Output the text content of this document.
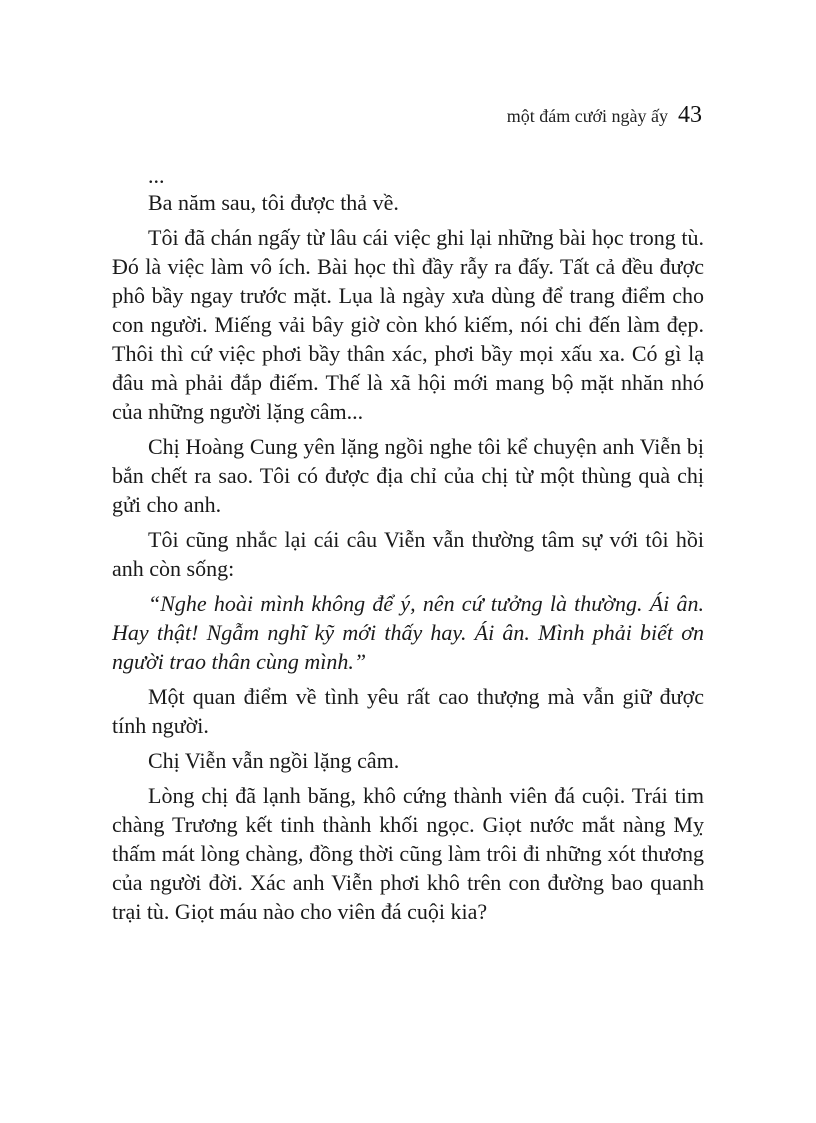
một đám cưới ngày ấy 43

...

Ba năm sau, tôi được thả về.

Tôi đã chán ngấy từ lâu cái việc ghi lại những bài học trong tù. Đó là việc làm vô ích. Bài học thì đầy rẫy ra đấy. Tất cả đều được phô bầy ngay trước mặt. Lụa là ngày xưa dùng để trang điểm cho con người. Miếng vải bây giờ còn khó kiếm, nói chi đến làm đẹp. Thôi thì cứ việc phơi bầy thân xác, phơi bầy mọi xấu xa. Có gì lạ đâu mà phải đắp điếm. Thế là xã hội mới mang bộ mặt nhăn nhó của những người lặng câm...

Chị Hoàng Cung yên lặng ngồi nghe tôi kể chuyện anh Viễn bị bắn chết ra sao. Tôi có được địa chỉ của chị từ một thùng quà chị gửi cho anh.

Tôi cũng nhắc lại cái câu Viễn vẫn thường tâm sự với tôi hồi anh còn sống:

“Nghe hoài mình không để ý, nên cứ tưởng là thường. Ái ân. Hay thật! Ngẫm nghĩ kỹ mới thấy hay. Ái ân. Mình phải biết ơn người trao thân cùng mình.”

Một quan điểm về tình yêu rất cao thượng mà vẫn giữ được tính người.

Chị Viễn vẫn ngồi lặng câm.

Lòng chị đã lạnh băng, khô cứng thành viên đá cuội. Trái tim chàng Trương kết tinh thành khối ngọc. Giọt nước mắt nàng Mỵ thấm mát lòng chàng, đồng thời cũng làm trôi đi những xót thương của người đời. Xác anh Viễn phơi khô trên con đường bao quanh trại tù. Giọt máu nào cho viên đá cuội kia?
